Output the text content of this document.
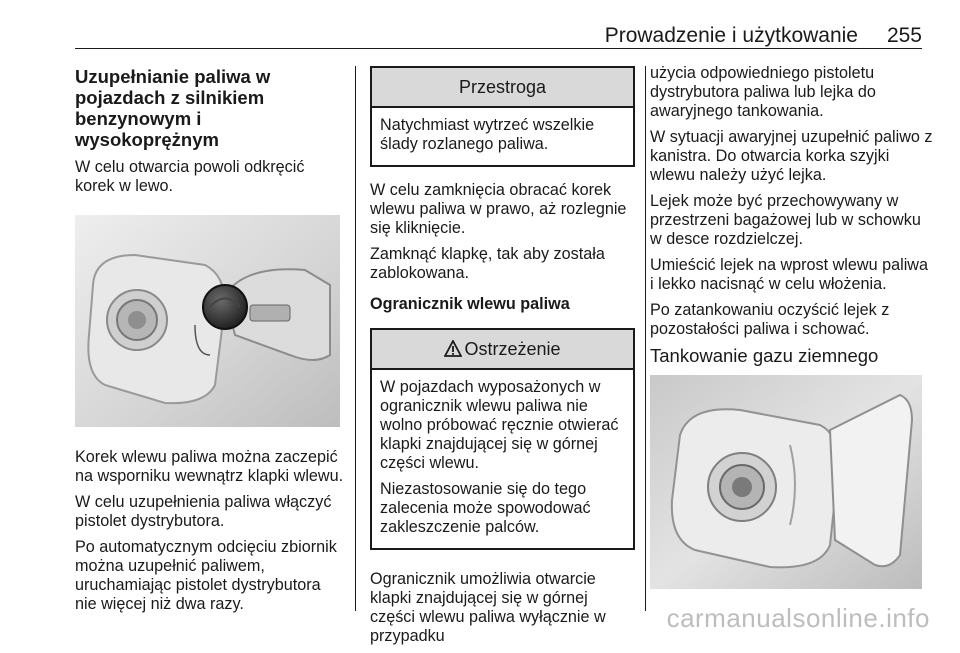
Prowadzenie i użytkowanie 255
Uzupełnianie paliwa w pojazdach z silnikiem benzynowym i wysokoprężnym

W celu otwarcia powoli odkręcić korek w lewo.

Korek wlewu paliwa można zaczepić na wsporniku wewnątrz klapki wlewu.

W celu uzupełnienia paliwa włączyć pistolet dystrybutora.

Po automatycznym odcięciu zbiornik można uzupełnić paliwem, uruchamiając pistolet dystrybutora nie więcej niż dwa razy.

Przestroga

Natychmiast wytrzeć wszelkie ślady rozlanego paliwa.

W celu zamknięcia obracać korek wlewu paliwa w prawo, aż rozlegnie się kliknięcie.

Zamknąć klapkę, tak aby została zablokowana.

Ogranicznik wlewu paliwa
Ostrzeżenie

W pojazdach wyposażonych w ogranicznik wlewu paliwa nie wolno próbować ręcznie otwierać klapki znajdującej się w górnej części wlewu.

Niezastosowanie się do tego zalecenia może spowodować zakleszczenie palców.

Ogranicznik umożliwia otwarcie klapki znajdującej się w górnej części wlewu paliwa wyłącznie w przypadku

użycia odpowiedniego pistoletu dystrybutora paliwa lub lejka do awaryjnego tankowania.

W sytuacji awaryjnej uzupełnić paliwo z kanistra. Do otwarcia korka szyjki wlewu należy użyć lejka.

Lejek może być przechowywany w przestrzeni bagażowej lub w schowku w desce rozdzielczej.

Umieścić lejek na wprost wlewu paliwa i lekko nacisnąć w celu włożenia.

Po zatankowaniu oczyścić lejek z pozostałości paliwa i schować.

Tankowanie gazu ziemnego
carmanualsonline.info
